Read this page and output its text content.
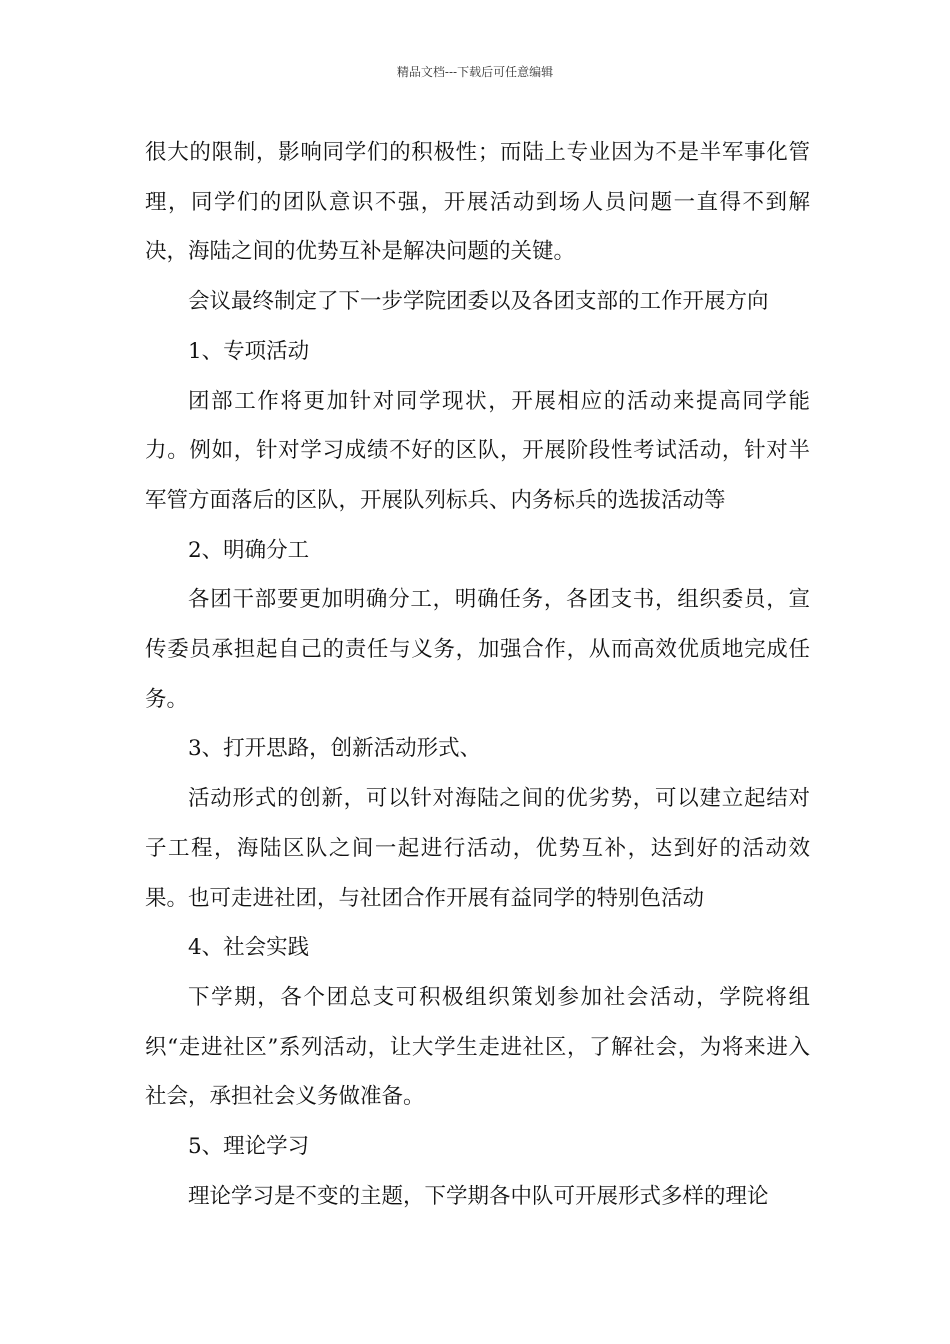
精品文档---下载后可任意编辑

很大的限制，影响同学们的积极性；而陆上专业因为不是半军事化管理，同学们的团队意识不强，开展活动到场人员问题一直得不到解决，海陆之间的优势互补是解决问题的关键。

会议最终制定了下一步学院团委以及各团支部的工作开展方向

1、专项活动

团部工作将更加针对同学现状，开展相应的活动来提高同学能力。例如，针对学习成绩不好的区队，开展阶段性考试活动，针对半军管方面落后的区队，开展队列标兵、内务标兵的选拔活动等

2、明确分工

各团干部要更加明确分工，明确任务，各团支书，组织委员，宣传委员承担起自己的责任与义务，加强合作，从而高效优质地完成任务。

3、打开思路，创新活动形式、

活动形式的创新，可以针对海陆之间的优劣势，可以建立起结对子工程，海陆区队之间一起进行活动，优势互补，达到好的活动效果。也可走进社团，与社团合作开展有益同学的特别色活动

4、社会实践

下学期，各个团总支可积极组织策划参加社会活动，学院将组织“走进社区”系列活动，让大学生走进社区，了解社会，为将来进入社会，承担社会义务做准备。

5、理论学习

理论学习是不变的主题，下学期各中队可开展形式多样的理论
